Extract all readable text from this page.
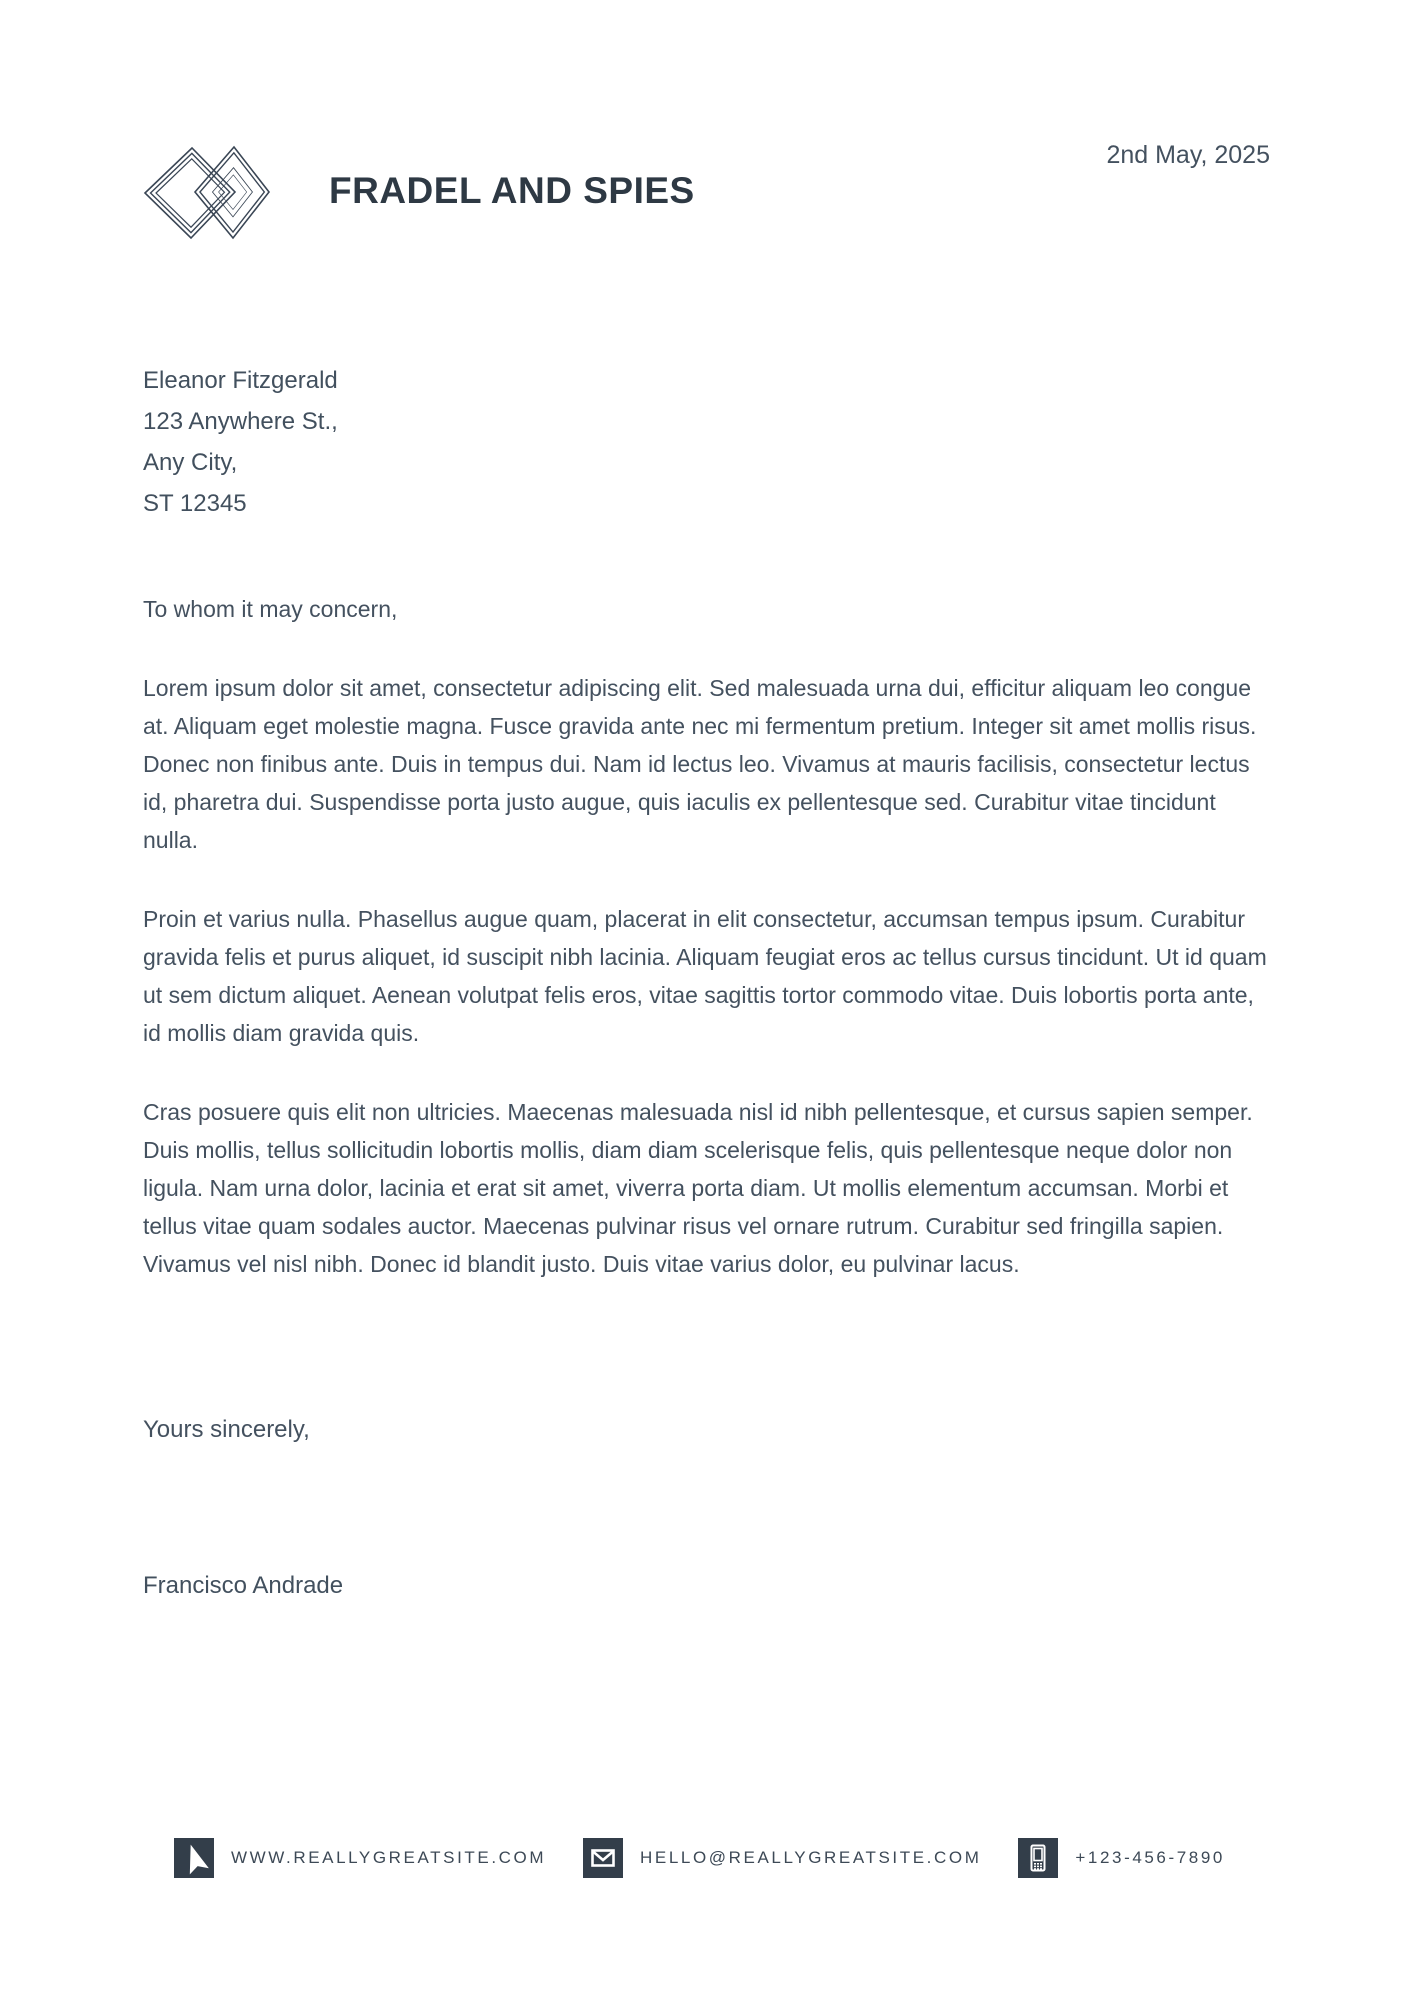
FRADEL AND SPIES
2nd May, 2025
Eleanor Fitzgerald
123 Anywhere St.,
Any City,
ST 12345

To whom it may concern,

Lorem ipsum dolor sit amet, consectetur adipiscing elit. Sed malesuada urna dui, efficitur aliquam leo congue at. Aliquam eget molestie magna. Fusce gravida ante nec mi fermentum pretium. Integer sit amet mollis risus. Donec non finibus ante. Duis in tempus dui. Nam id lectus leo. Vivamus at mauris facilisis, consectetur lectus id, pharetra dui. Suspendisse porta justo augue, quis iaculis ex pellentesque sed. Curabitur vitae tincidunt nulla.

Proin et varius nulla. Phasellus augue quam, placerat in elit consectetur, accumsan tempus ipsum. Curabitur gravida felis et purus aliquet, id suscipit nibh lacinia. Aliquam feugiat eros ac tellus cursus tincidunt. Ut id quam ut sem dictum aliquet. Aenean volutpat felis eros, vitae sagittis tortor commodo vitae. Duis lobortis porta ante, id mollis diam gravida quis.

Cras posuere quis elit non ultricies. Maecenas malesuada nisl id nibh pellentesque, et cursus sapien semper. Duis mollis, tellus sollicitudin lobortis mollis, diam diam scelerisque felis, quis pellentesque neque dolor non ligula. Nam urna dolor, lacinia et erat sit amet, viverra porta diam. Ut mollis elementum accumsan. Morbi et tellus vitae quam sodales auctor. Maecenas pulvinar risus vel ornare rutrum. Curabitur sed fringilla sapien. Vivamus vel nisl nibh. Donec id blandit justo. Duis vitae varius dolor, eu pulvinar lacus.

Yours sincerely,
Francisco Andrade
WWW.REALLYGREATSITE.COM	HELLO@REALLYGREATSITE.COM	+123-456-7890
